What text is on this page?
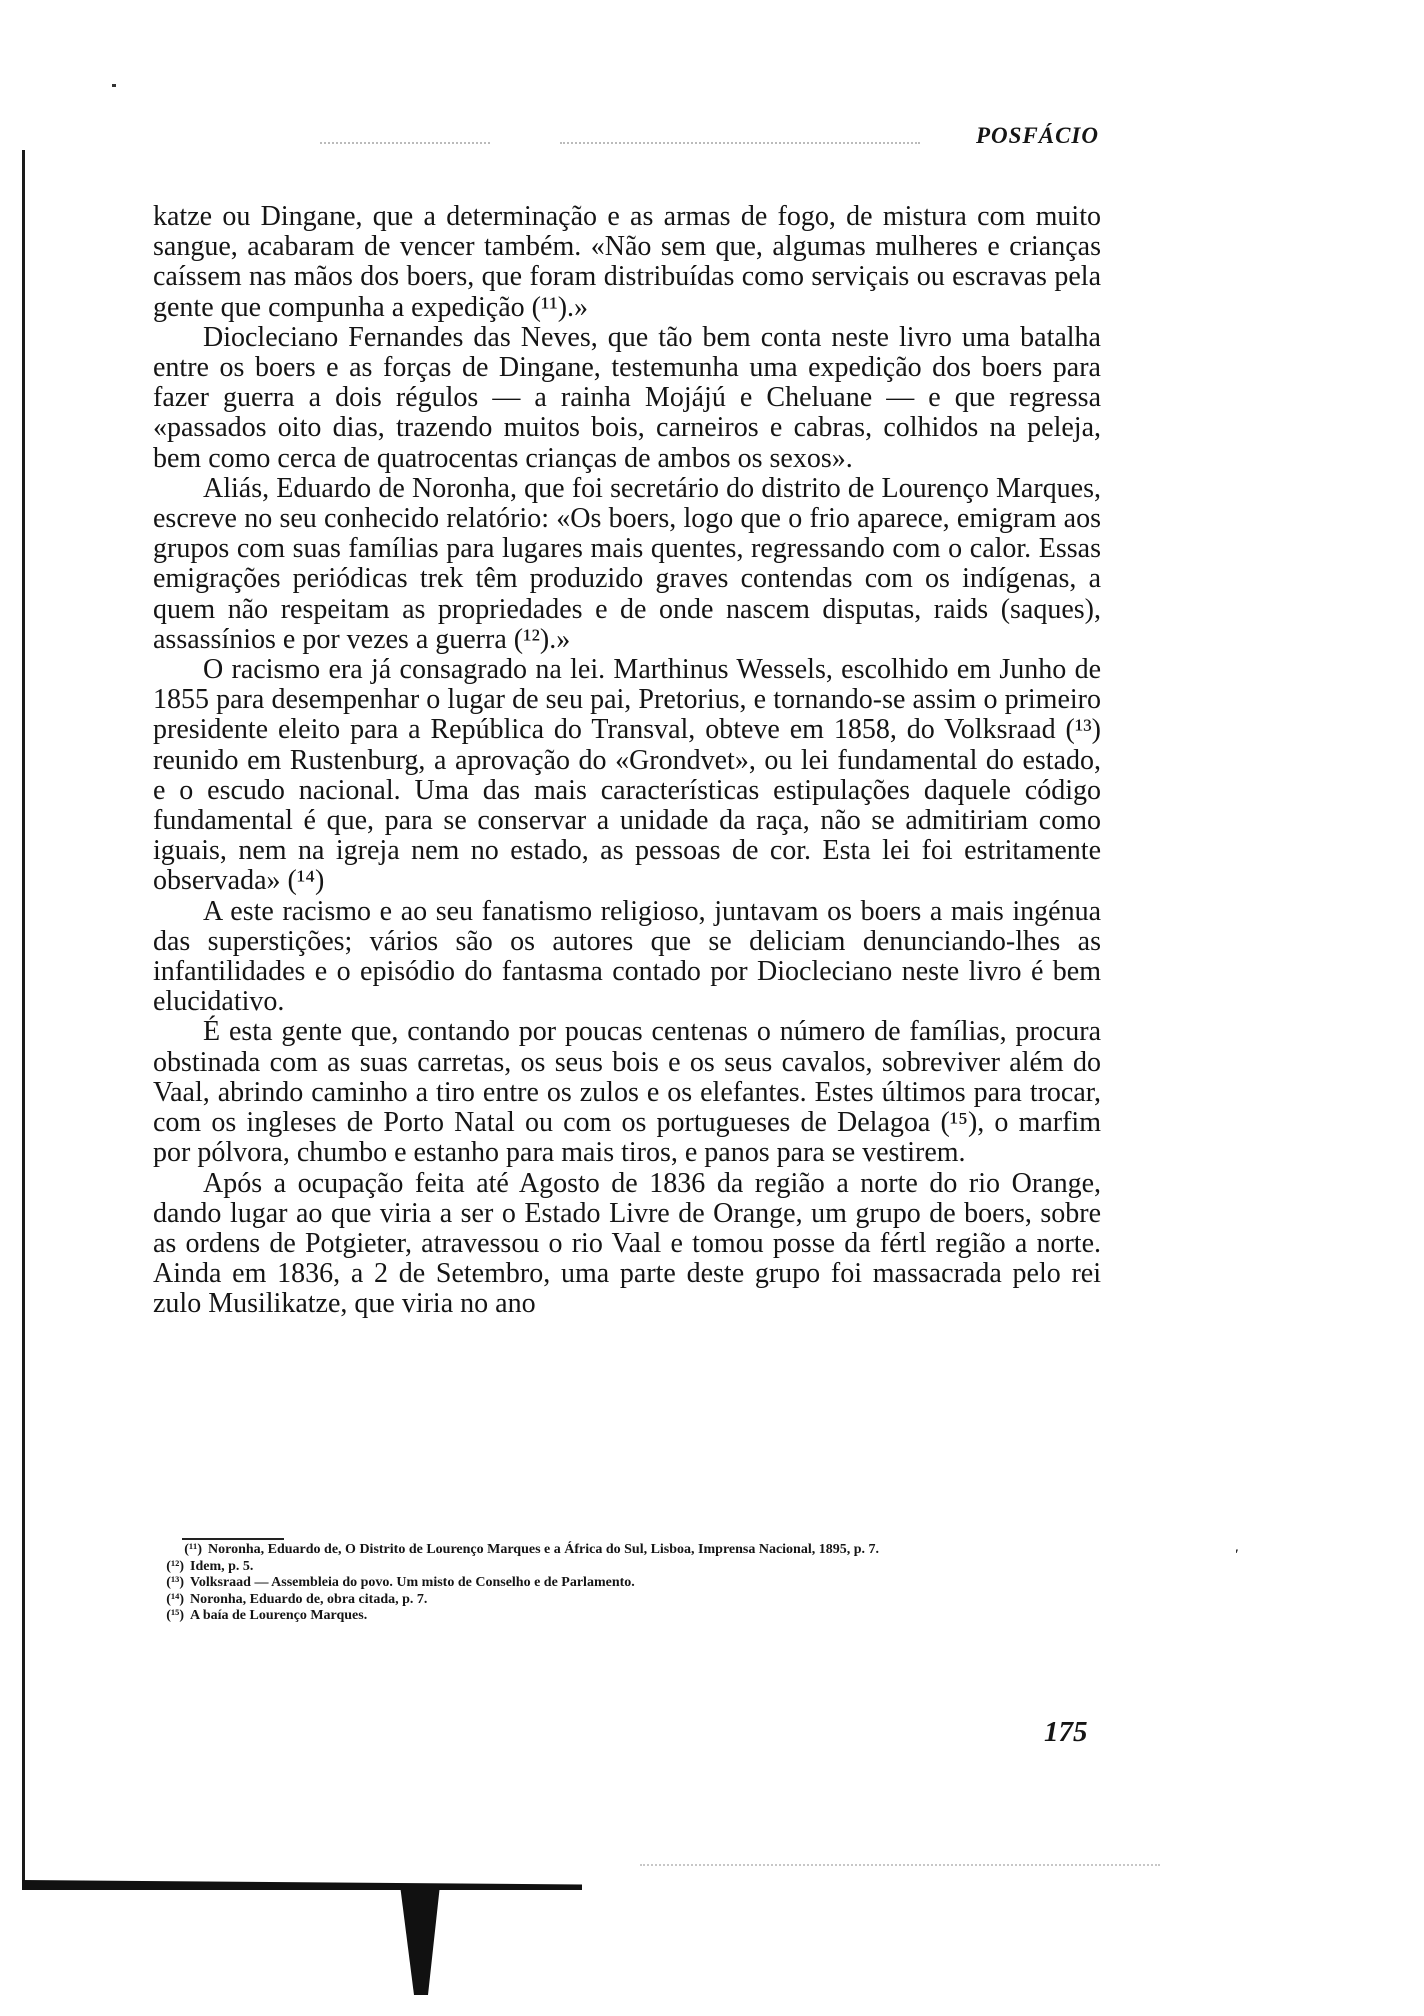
POSFÁCIO

katze ou Dingane, que a determinação e as armas de fogo, de mistura com muito sangue, acabaram de vencer também. «Não sem que, algumas mulheres e crianças caíssem nas mãos dos boers, que foram distribuídas como serviçais ou escravas pela gente que compunha a expedição (¹¹).»

Diocleciano Fernandes das Neves, que tão bem conta neste livro uma batalha entre os boers e as forças de Dingane, testemunha uma expedição dos boers para fazer guerra a dois régulos — a rainha Mojájú e Cheluane — e que regressa «passados oito dias, trazendo muitos bois, carneiros e cabras, colhidos na peleja, bem como cerca de quatrocentas crianças de ambos os sexos».

Aliás, Eduardo de Noronha, que foi secretário do distrito de Lourenço Marques, escreve no seu conhecido relatório: «Os boers, logo que o frio aparece, emigram aos grupos com suas famílias para lugares mais quentes, regressando com o calor. Essas emigrações periódicas trek têm produzido graves contendas com os indígenas, a quem não respeitam as propriedades e de onde nascem disputas, raids (saques), assassínios e por vezes a guerra (¹²).»

O racismo era já consagrado na lei. Marthinus Wessels, escolhido em Junho de 1855 para desempenhar o lugar de seu pai, Pretorius, e tornando-se assim o primeiro presidente eleito para a República do Transval, obteve em 1858, do Volksraad (¹³) reunido em Rustenburg, a aprovação do «Grondvet», ou lei fundamental do estado, e o escudo nacional. Uma das mais características estipulações daquele código fundamental é que, para se conservar a unidade da raça, não se admitiriam como iguais, nem na igreja nem no estado, as pessoas de cor. Esta lei foi estritamente observada» (¹⁴)

A este racismo e ao seu fanatismo religioso, juntavam os boers a mais ingénua das superstições; vários são os autores que se deliciam denunciando-lhes as infantilidades e o episódio do fantasma contado por Diocleciano neste livro é bem elucidativo.

É esta gente que, contando por poucas centenas o número de famílias, procura obstinada com as suas carretas, os seus bois e os seus cavalos, sobreviver além do Vaal, abrindo caminho a tiro entre os zulos e os elefantes. Estes últimos para trocar, com os ingleses de Porto Natal ou com os portugueses de Delagoa (¹⁵), o marfim por pólvora, chumbo e estanho para mais tiros, e panos para se vestirem.

Após a ocupação feita até Agosto de 1836 da região a norte do rio Orange, dando lugar ao que viria a ser o Estado Livre de Orange, um grupo de boers, sobre as ordens de Potgieter, atravessou o rio Vaal e tomou posse da fértl região a norte. Ainda em 1836, a 2 de Setembro, uma parte deste grupo foi massacrada pelo rei zulo Musilikatze, que viria no ano

(¹¹) Noronha, Eduardo de, O Distrito de Lourenço Marques e a África do Sul, Lisboa, Imprensa Nacional, 1895, p. 7.
(¹²) Idem, p. 5.
(¹³) Volksraad — Assembleia do povo. Um misto de Conselho e de Parlamento.
(¹⁴) Noronha, Eduardo de, obra citada, p. 7.
(¹⁵) A baía de Lourenço Marques.
'
175
